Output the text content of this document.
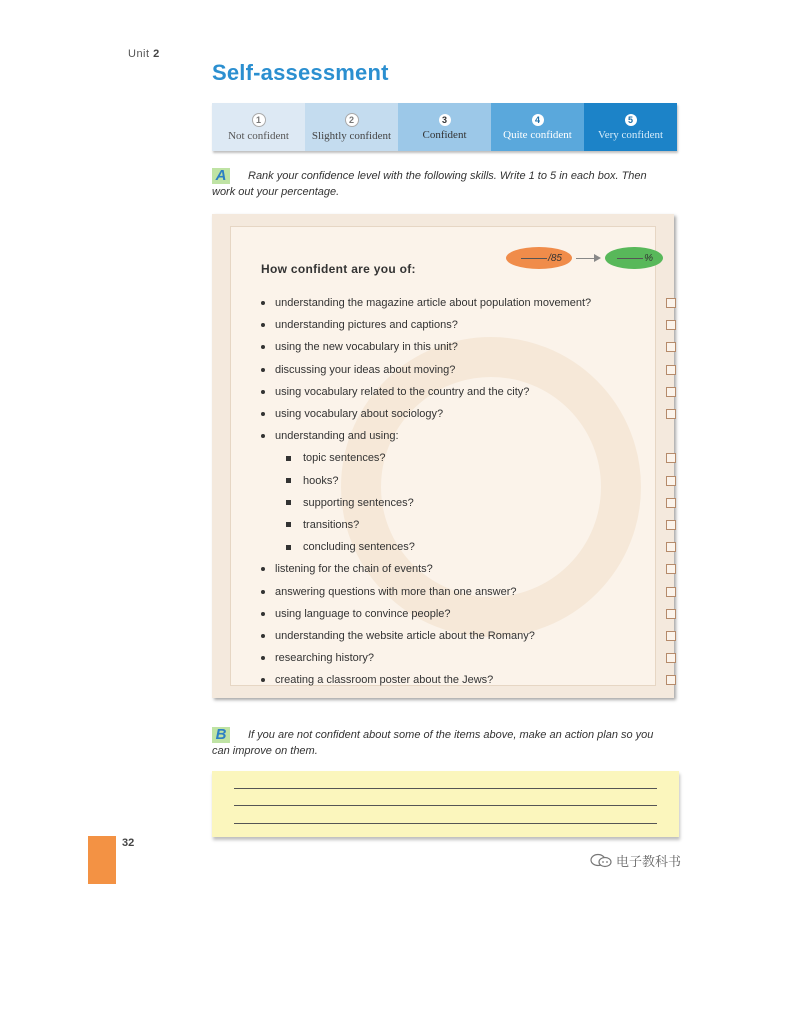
Unit 2
Self-assessment
1
Not confident
2
Slightly confident
3
Confident
4
Quite confident
5
Very confident
A Rank your confidence level with the following skills. Write 1 to 5 in each box. Then work out your percentage.
How confident are you of:
/85	%
understanding the magazine article about population movement?
understanding pictures and captions?
using the new vocabulary in this unit?
discussing your ideas about moving?
using vocabulary related to the country and the city?
using vocabulary about sociology?
understanding and using:
topic sentences?
hooks?
supporting sentences?
transitions?
concluding sentences?
listening for the chain of events?
answering questions with more than one answer?
using language to convince people?
understanding the website article about the Romany?
researching history?
creating a classroom poster about the Jews?
B If you are not confident about some of the items above, make an action plan so you can improve on them.
32
电子教科书
